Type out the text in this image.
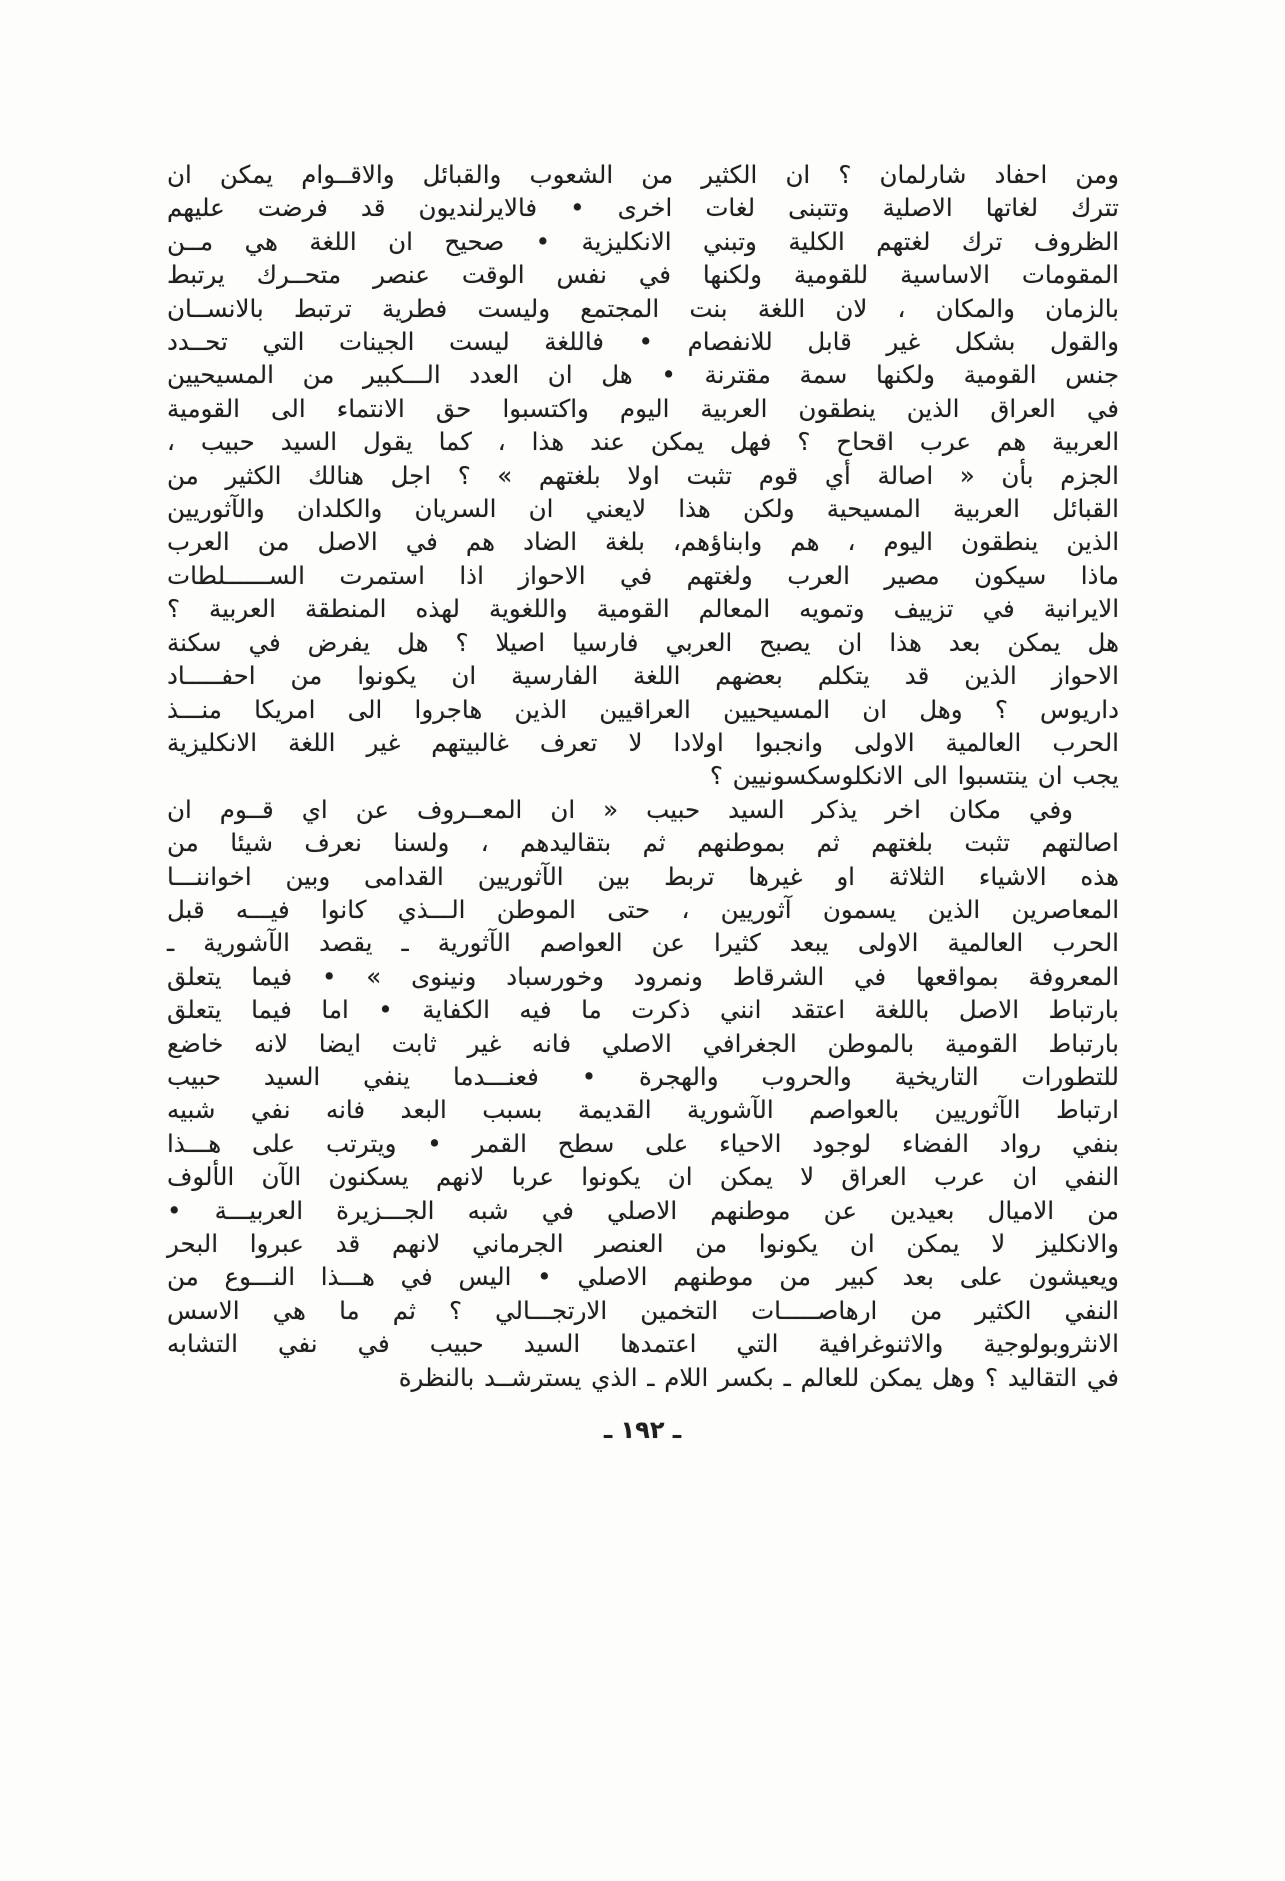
ومن احفاد شارلمان ؟ ان الكثير من الشعوب والقبائل والاقــوام يمكن ان

تترك لغاتها الاصلية وتتبنى لغات اخرى • فالايرلنديون قد فرضت عليهم

الظروف ترك لغتهم الكلية وتبني الانكليزية • صحيح ان اللغة هي مــن

المقومات الاساسية للقومية ولكنها في نفس الوقت عنصر متحــرك يرتبط

بالزمان والمكان ، لان اللغة بنت المجتمع وليست فطرية ترتبط بالانســان

والقول بشكل غير قابل للانفصام • فاللغة ليست الجينات التي تحــدد

جنس القومية ولكنها سمة مقترنة • هل ان العدد الـــكبير من المسيحيين

في العراق الذين ينطقون العربية اليوم واكتسبوا حق الانتماء الى القومية

العربية هم عرب اقحاح ؟ فهل يمكن عند هذا ، كما يقول السيد حبيب ،

الجزم بأن « اصالة أي قوم تثبت اولا بلغتهم » ؟ اجل هنالك الكثير من

القبائل العربية المسيحية ولكن هذا لايعني ان السريان والكلدان والآثوريين

الذين ينطقون اليوم ، هم وابناؤهم، بلغة الضاد هم في الاصل من العرب

ماذا سيكون مصير العرب ولغتهم في الاحواز اذا استمرت الســــــلطات

الايرانية في تزييف وتمويه المعالم القومية واللغوية لهذه المنطقة العربية ؟

هل يمكن بعد هذا ان يصبح العربي فارسيا اصيلا ؟ هل يفرض في سكنة

الاحواز الذين قد يتكلم بعضهم اللغة الفارسية ان يكونوا من احفـــــاد

داريوس ؟ وهل ان المسيحيين العراقيين الذين هاجروا الى امريكا منـــذ

الحرب العالمية الاولى وانجبوا اولادا لا تعرف غالبيتهم غير اللغة الانكليزية

يجب ان ينتسبوا الى الانكلوسكسونيين ؟

وفي مكان اخر يذكر السيد حبيب « ان المعــروف عن اي قــوم ان

اصالتهم تثبت بلغتهم ثم بموطنهم ثم بتقاليدهم ، ولسنا نعرف شيئا من

هذه الاشياء الثلاثة او غيرها تربط بين الآثوريين القدامى وبين اخواننـــا

المعاصرين الذين يسمون آثوريين ، حتى الموطن الـــذي كانوا فيـــه قبل

الحرب العالمية الاولى يبعد كثيرا عن العواصم الآثورية ـ يقصد الآشورية ـ

المعروفة بمواقعها في الشرقاط ونمرود وخورسباد ونينوى » • فيما يتعلق

بارتباط الاصل باللغة اعتقد انني ذكرت ما فيه الكفاية • اما فيما يتعلق

بارتباط القومية بالموطن الجغرافي الاصلي فانه غير ثابت ايضا لانه خاضع

للتطورات التاريخية والحروب والهجرة • فعنـــدما ينفي السيد حبيب

ارتباط الآثوريين بالعواصم الآشورية القديمة بسبب البعد فانه نفي شبيه

بنفي رواد الفضاء لوجود الاحياء على سطح القمر • ويترتب على هـــذا

النفي ان عرب العراق لا يمكن ان يكونوا عربا لانهم يسكنون الآن الألوف

من الاميال بعيدين عن موطنهم الاصلي في شبه الجـــزيرة العربيـــة •

والانكليز لا يمكن ان يكونوا من العنصر الجرماني لانهم قد عبروا البحر

ويعيشون على بعد كبير من موطنهم الاصلي • اليس في هـــذا النـــوع من

النفي الكثير من ارهاصـــــات التخمين الارتجـــالي ؟ ثم ما هي الاسس

الانثروبولوجية والاثنوغرافية التي اعتمدها السيد حبيب في نفي التشابه

في التقاليد ؟ وهل يمكن للعالم ـ بكسر اللام ـ الذي يسترشــد بالنظرة

ـ ١٩٢ ـ
